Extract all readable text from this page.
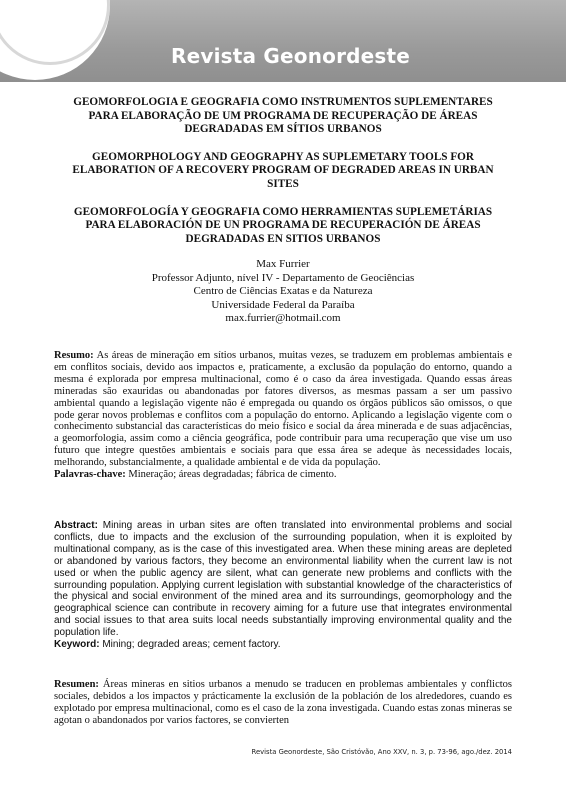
Revista Geonordeste
GEOMORFOLOGIA E GEOGRAFIA COMO INSTRUMENTOS SUPLEMENTARES
PARA ELABORAÇÃO DE UM PROGRAMA DE RECUPERAÇÃO DE ÁREAS
DEGRADADAS EM SÍTIOS URBANOS
GEOMORPHOLOGY AND GEOGRAPHY AS SUPLEMETARY TOOLS FOR
ELABORATION OF A RECOVERY PROGRAM OF DEGRADED AREAS IN URBAN
SITES
GEOMORFOLOGÍA Y GEOGRAFIA COMO HERRAMIENTAS SUPLEMETÁRIAS
PARA ELABORACIÓN DE UN PROGRAMA DE RECUPERACIÓN DE ÁREAS
DEGRADADAS EN SITIOS URBANOS
Max Furrier
Professor Adjunto, nível IV - Departamento de Geociências
Centro de Ciências Exatas e da Natureza
Universidade Federal da Paraíba
max.furrier@hotmail.com
Resumo: As áreas de mineração em sítios urbanos, muitas vezes, se traduzem em problemas ambientais e em conflitos sociais, devido aos impactos e, praticamente, a exclusão da população do entorno, quando a mesma é explorada por empresa multinacional, como é o caso da área investigada. Quando essas áreas mineradas são exauridas ou abandonadas por fatores diversos, as mesmas passam a ser um passivo ambiental quando a legislação vigente não é empregada ou quando os órgãos públicos são omissos, o que pode gerar novos problemas e conflitos com a população do entorno. Aplicando a legislação vigente com o conhecimento substancial das características do meio físico e social da área minerada e de suas adjacências, a geomorfologia, assim como a ciência geográfica, pode contribuir para uma recuperação que vise um uso futuro que integre questões ambientais e sociais para que essa área se adeque às necessidades locais, melhorando, substancialmente, a qualidade ambiental e de vida da população.
Palavras-chave: Mineração; áreas degradadas; fábrica de cimento.
Abstract: Mining areas in urban sites are often translated into environmental problems and social conflicts, due to impacts and the exclusion of the surrounding population, when it is exploited by multinational company, as is the case of this investigated area. When these mining areas are depleted or abandoned by various factors, they become an environmental liability when the current law is not used or when the public agency are silent, what can generate new problems and conflicts with the surrounding population. Applying current legislation with substantial knowledge of the characteristics of the physical and social environment of the mined area and its surroundings, geomorphology and the geographical science can contribute in recovery aiming for a future use that integrates environmental and social issues to that area suits local needs substantially improving environmental quality and the population life.
Keyword: Mining; degraded areas; cement factory.
Resumen: Áreas mineras en sitios urbanos a menudo se traducen en problemas ambientales y conflictos sociales, debidos a los impactos y prácticamente la exclusión de la población de los alrededores, cuando es explotado por empresa multinacional, como es el caso de la zona investigada. Cuando estas zonas mineras se agotan o abandonados por varios factores, se convierten
Revista Geonordeste, São Cristóvão, Ano XXV, n. 3, p. 73-96, ago./dez. 2014
